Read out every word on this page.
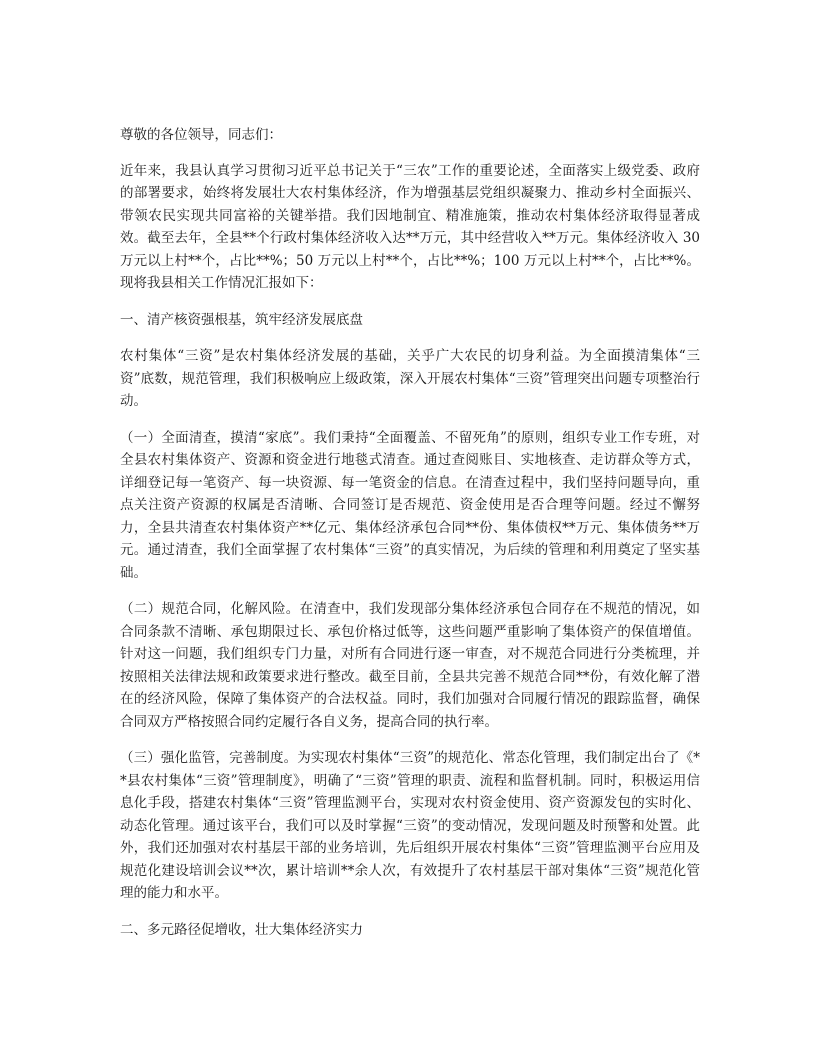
尊敬的各位领导，同志们：

近年来，我县认真学习贯彻习近平总书记关于“三农”工作的重要论述，全面落实上级党委、政府的部署要求，始终将发展壮大农村集体经济，作为增强基层党组织凝聚力、推动乡村全面振兴、带领农民实现共同富裕的关键举措。我们因地制宜、精准施策，推动农村集体经济取得显著成效。截至去年，全县**个行政村集体经济收入达**万元，其中经营收入**万元。集体经济收入 30 万元以上村**个，占比**%；50 万元以上村**个，占比**%；100 万元以上村**个，占比**%。现将我县相关工作情况汇报如下：

一、清产核资强根基，筑牢经济发展底盘

农村集体“三资”是农村集体经济发展的基础，关乎广大农民的切身利益。为全面摸清集体“三资”底数，规范管理，我们积极响应上级政策，深入开展农村集体“三资”管理突出问题专项整治行动。

（一）全面清查，摸清“家底”。我们秉持“全面覆盖、不留死角”的原则，组织专业工作专班，对全县农村集体资产、资源和资金进行地毯式清查。通过查阅账目、实地核查、走访群众等方式，详细登记每一笔资产、每一块资源、每一笔资金的信息。在清查过程中，我们坚持问题导向，重点关注资产资源的权属是否清晰、合同签订是否规范、资金使用是否合理等问题。经过不懈努力，全县共清查农村集体资产**亿元、集体经济承包合同**份、集体债权**万元、集体债务**万元。通过清查，我们全面掌握了农村集体“三资”的真实情况，为后续的管理和利用奠定了坚实基础。

（二）规范合同，化解风险。在清查中，我们发现部分集体经济承包合同存在不规范的情况，如合同条款不清晰、承包期限过长、承包价格过低等，这些问题严重影响了集体资产的保值增值。针对这一问题，我们组织专门力量，对所有合同进行逐一审查，对不规范合同进行分类梳理，并按照相关法律法规和政策要求进行整改。截至目前，全县共完善不规范合同**份，有效化解了潜在的经济风险，保障了集体资产的合法权益。同时，我们加强对合同履行情况的跟踪监督，确保合同双方严格按照合同约定履行各自义务，提高合同的执行率。

（三）强化监管，完善制度。为实现农村集体“三资”的规范化、常态化管理，我们制定出台了《**县农村集体“三资”管理制度》，明确了“三资”管理的职责、流程和监督机制。同时，积极运用信息化手段，搭建农村集体“三资”管理监测平台，实现对农村资金使用、资产资源发包的实时化、动态化管理。通过该平台，我们可以及时掌握“三资”的变动情况，发现问题及时预警和处置。此外，我们还加强对农村基层干部的业务培训，先后组织开展农村集体“三资”管理监测平台应用及规范化建设培训会议**次，累计培训**余人次，有效提升了农村基层干部对集体“三资”规范化管理的能力和水平。

二、多元路径促增收，壮大集体经济实力
